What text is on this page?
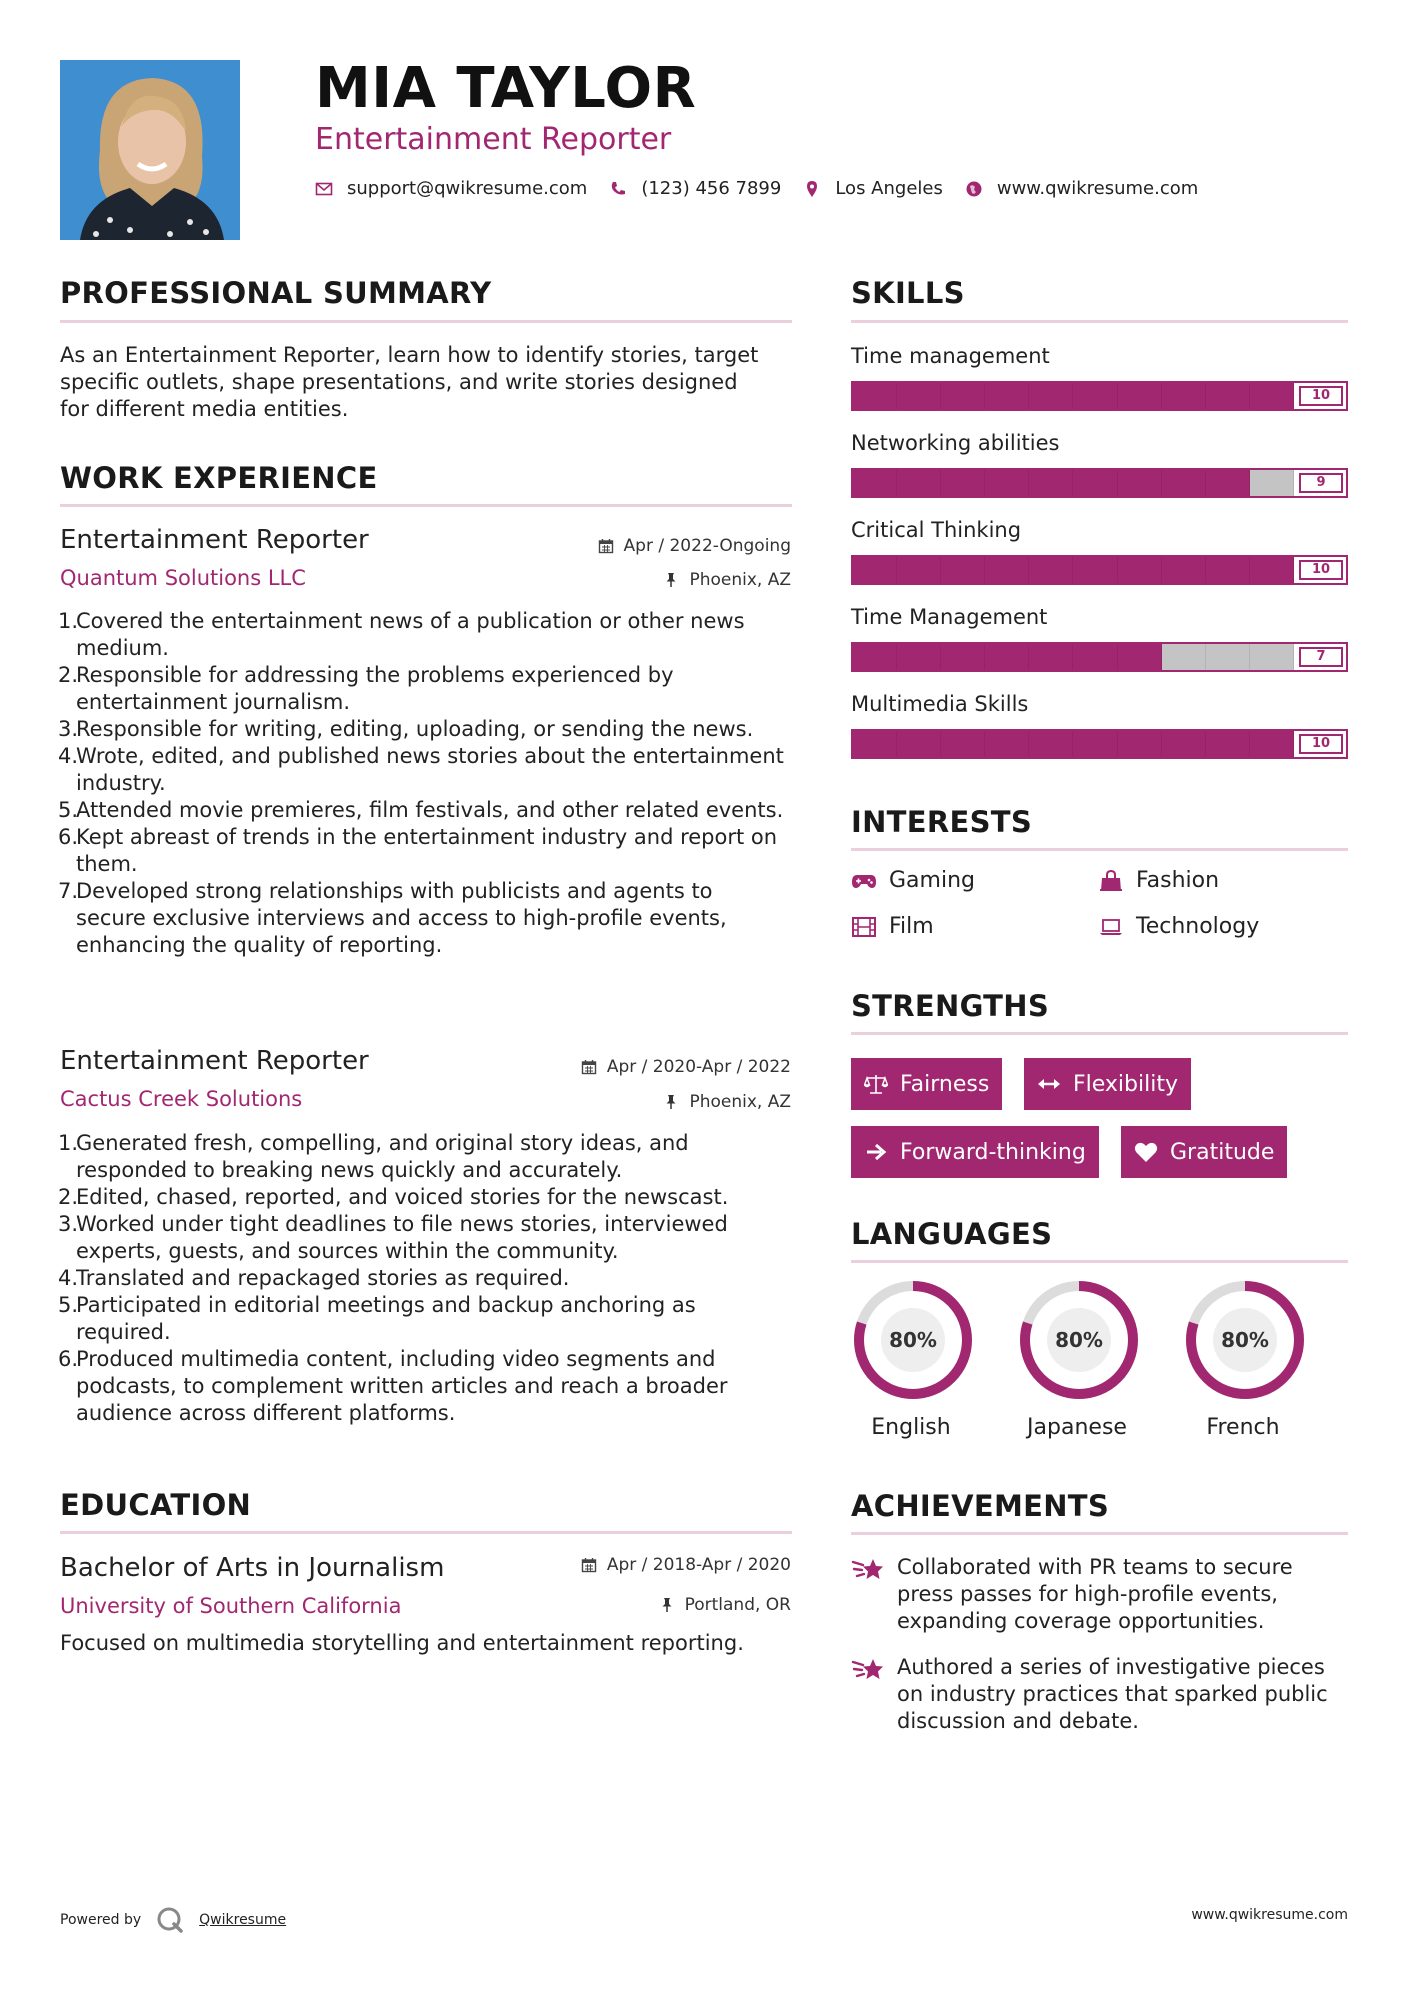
MIA TAYLOR
Entertainment Reporter
support@qwikresume.com	(123) 456 7899	Los Angeles	www.qwikresume.com
PROFESSIONAL SUMMARY
As an Entertainment Reporter, learn how to identify stories, target specific outlets, shape presentations, and write stories designed for different media entities.
WORK EXPERIENCE
Entertainment Reporter	Apr / 2022-Ongoing
Quantum Solutions LLC	Phoenix, AZ
Covered the entertainment news of a publication or other news medium.
Responsible for addressing the problems experienced by entertainment journalism.
Responsible for writing, editing, uploading, or sending the news.
Wrote, edited, and published news stories about the entertainment industry.
Attended movie premieres, film festivals, and other related events.
Kept abreast of trends in the entertainment industry and report on them.
Developed strong relationships with publicists and agents to secure exclusive interviews and access to high-profile events, enhancing the quality of reporting.
Entertainment Reporter	Apr / 2020-Apr / 2022
Cactus Creek Solutions	Phoenix, AZ
Generated fresh, compelling, and original story ideas, and responded to breaking news quickly and accurately.
Edited, chased, reported, and voiced stories for the newscast.
Worked under tight deadlines to file news stories, interviewed experts, guests, and sources within the community.
Translated and repackaged stories as required.
Participated in editorial meetings and backup anchoring as required.
Produced multimedia content, including video segments and podcasts, to complement written articles and reach a broader audience across different platforms.
EDUCATION
Bachelor of Arts in Journalism	Apr / 2018-Apr / 2020
University of Southern California	Portland, OR
Focused on multimedia storytelling and entertainment reporting.
SKILLS
Time management
10
Networking abilities
9
Critical Thinking
10
Time Management
7
Multimedia Skills
10
INTERESTS
Gaming	Fashion
Film	Technology
STRENGTHS
Fairness	Flexibility
Forward-thinking	Gratitude
LANGUAGES
80%	80%	80%
English	Japanese	French
ACHIEVEMENTS
Collaborated with PR teams to secure press passes for high-profile events, expanding coverage opportunities.
Authored a series of investigative pieces on industry practices that sparked public discussion and debate.
Powered by	Qwikresume	www.qwikresume.com
